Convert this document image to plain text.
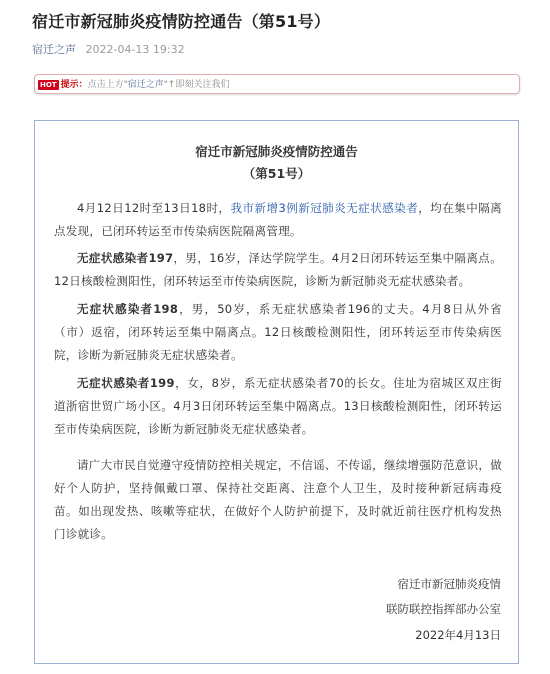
宿迁市新冠肺炎疫情防控通告（第51号）
宿迁之声 2022-04-13 19:32
HOT 提示：点击上方"宿迁之声"↑即刻关注我们
宿迁市新冠肺炎疫情防控通告
（第51号）
4月12日12时至13日18时，我市新增3例新冠肺炎无症状感染者，均在集中隔离点发现，已闭环转运至市传染病医院隔离管理。
无症状感染者197，男，16岁，泽达学院学生。4月2日闭环转运至集中隔离点。12日核酸检测阳性，闭环转运至市传染病医院，诊断为新冠肺炎无症状感染者。
无症状感染者198，男，50岁，系无症状感染者196的丈夫。4月8日从外省（市）返宿，闭环转运至集中隔离点。12日核酸检测阳性，闭环转运至市传染病医院，诊断为新冠肺炎无症状感染者。
无症状感染者199，女，8岁，系无症状感染者70的长女。住址为宿城区双庄街道浙宿世贸广场小区。4月3日闭环转运至集中隔离点。13日核酸检测阳性，闭环转运至市传染病医院，诊断为新冠肺炎无症状感染者。
请广大市民自觉遵守疫情防控相关规定，不信谣、不传谣，继续增强防范意识，做好个人防护，坚持佩戴口罩、保持社交距离、注意个人卫生，及时接种新冠病毒疫苗。如出现发热、咳嗽等症状，在做好个人防护前提下，及时就近前往医疗机构发热门诊就诊。
宿迁市新冠肺炎疫情
联防联控指挥部办公室
2022年4月13日
